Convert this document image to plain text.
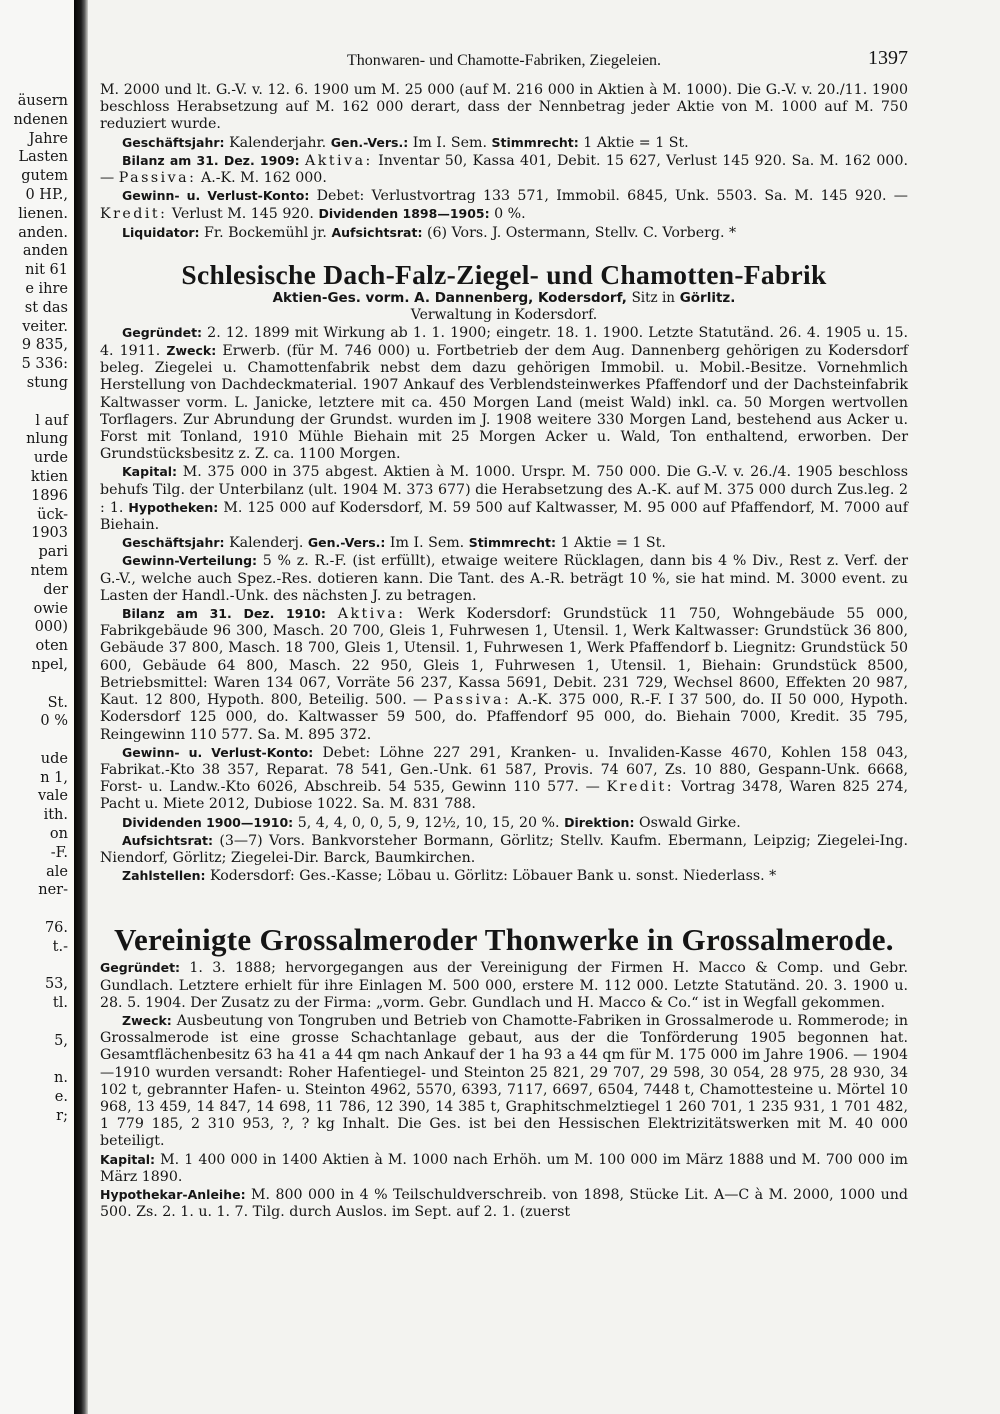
äusern
ndenen
Jahre
Lasten
gutem
0 HP.,
lienen.
anden.
anden
nit 61
e ihre
st das
veiter.
9 835,
5 336:
stung

l auf
nlung
urde
ktien
1896
ück-
1903
pari
ntem
der
owie
000)
oten
npel,

St.
0 %

ude
n 1,
vale
ith.
on
-F.
ale
ner-

76.
t.-

53,
tl.

5,

n.
e.
r;
Thonwaren- und Chamotte-Fabriken, Ziegeleien.	1397

M. 2000 und lt. G.-V. v. 12. 6. 1900 um M. 25 000 (auf M. 216 000 in Aktien à M. 1000). Die G.-V. v. 20./11. 1900 beschloss Herabsetzung auf M. 162 000 derart, dass der Nennbetrag jeder Aktie von M. 1000 auf M. 750 reduziert wurde.

Geschäftsjahr: Kalenderjahr. Gen.-Vers.: Im I. Sem. Stimmrecht: 1 Aktie = 1 St.

Bilanz am 31. Dez. 1909: Aktiva: Inventar 50, Kassa 401, Debit. 15 627, Verlust 145 920. Sa. M. 162 000. — Passiva: A.-K. M. 162 000.

Gewinn- u. Verlust-Konto: Debet: Verlustvortrag 133 571, Immobil. 6845, Unk. 5503. Sa. M. 145 920. — Kredit: Verlust M. 145 920. Dividenden 1898—1905: 0 %.

Liquidator: Fr. Bockemühl jr. Aufsichtsrat: (6) Vors. J. Ostermann, Stellv. C. Vorberg. *

Schlesische Dach-Falz-Ziegel- und Chamotten-Fabrik
Aktien-Ges. vorm. A. Dannenberg, Kodersdorf, Sitz in Görlitz.
Verwaltung in Kodersdorf.

Gegründet: 2. 12. 1899 mit Wirkung ab 1. 1. 1900; eingetr. 18. 1. 1900. Letzte Statutänd. 26. 4. 1905 u. 15. 4. 1911. Zweck: Erwerb. (für M. 746 000) u. Fortbetrieb der dem Aug. Dannenberg gehörigen zu Kodersdorf beleg. Ziegelei u. Chamottenfabrik nebst dem dazu gehörigen Immobil. u. Mobil.-Besitze. Vornehmlich Herstellung von Dachdeckmaterial. 1907 Ankauf des Verblendsteinwerkes Pfaffendorf und der Dachsteinfabrik Kaltwasser vorm. L. Janicke, letztere mit ca. 450 Morgen Land (meist Wald) inkl. ca. 50 Morgen wertvollen Torflagers. Zur Abrundung der Grundst. wurden im J. 1908 weitere 330 Morgen Land, bestehend aus Acker u. Forst mit Tonland, 1910 Mühle Biehain mit 25 Morgen Acker u. Wald, Ton enthaltend, erworben. Der Grundstücksbesitz z. Z. ca. 1100 Morgen.

Kapital: M. 375 000 in 375 abgest. Aktien à M. 1000. Urspr. M. 750 000. Die G.-V. v. 26./4. 1905 beschloss behufs Tilg. der Unterbilanz (ult. 1904 M. 373 677) die Herabsetzung des A.-K. auf M. 375 000 durch Zus.leg. 2 : 1. Hypotheken: M. 125 000 auf Kodersdorf, M. 59 500 auf Kaltwasser, M. 95 000 auf Pfaffendorf, M. 7000 auf Biehain.

Geschäftsjahr: Kalenderj. Gen.-Vers.: Im I. Sem. Stimmrecht: 1 Aktie = 1 St.

Gewinn-Verteilung: 5 % z. R.-F. (ist erfüllt), etwaige weitere Rücklagen, dann bis 4 % Div., Rest z. Verf. der G.-V., welche auch Spez.-Res. dotieren kann. Die Tant. des A.-R. beträgt 10 %, sie hat mind. M. 3000 event. zu Lasten der Handl.-Unk. des nächsten J. zu betragen.

Bilanz am 31. Dez. 1910: Aktiva: Werk Kodersdorf: Grundstück 11 750, Wohngebäude 55 000, Fabrikgebäude 96 300, Masch. 20 700, Gleis 1, Fuhrwesen 1, Utensil. 1, Werk Kaltwasser: Grundstück 36 800, Gebäude 37 800, Masch. 18 700, Gleis 1, Utensil. 1, Fuhrwesen 1, Werk Pfaffendorf b. Liegnitz: Grundstück 50 600, Gebäude 64 800, Masch. 22 950, Gleis 1, Fuhrwesen 1, Utensil. 1, Biehain: Grundstück 8500, Betriebsmittel: Waren 134 067, Vorräte 56 237, Kassa 5691, Debit. 231 729, Wechsel 8600, Effekten 20 987, Kaut. 12 800, Hypoth. 800, Beteilig. 500. — Passiva: A.-K. 375 000, R.-F. I 37 500, do. II 50 000, Hypoth. Kodersdorf 125 000, do. Kaltwasser 59 500, do. Pfaffendorf 95 000, do. Biehain 7000, Kredit. 35 795, Reingewinn 110 577. Sa. M. 895 372.

Gewinn- u. Verlust-Konto: Debet: Löhne 227 291, Kranken- u. Invaliden-Kasse 4670, Kohlen 158 043, Fabrikat.-Kto 38 357, Reparat. 78 541, Gen.-Unk. 61 587, Provis. 74 607, Zs. 10 880, Gespann-Unk. 6668, Forst- u. Landw.-Kto 6026, Abschreib. 54 535, Gewinn 110 577. — Kredit: Vortrag 3478, Waren 825 274, Pacht u. Miete 2012, Dubiose 1022. Sa. M. 831 788.

Dividenden 1900—1910: 5, 4, 4, 0, 0, 5, 9, 12½, 10, 15, 20 %. Direktion: Oswald Girke.

Aufsichtsrat: (3—7) Vors. Bankvorsteher Bormann, Görlitz; Stellv. Kaufm. Ebermann, Leipzig; Ziegelei-Ing. Niendorf, Görlitz; Ziegelei-Dir. Barck, Baumkirchen.

Zahlstellen: Kodersdorf: Ges.-Kasse; Löbau u. Görlitz: Löbauer Bank u. sonst. Niederlass. *

Vereinigte Grossalmeroder Thonwerke in Grossalmerode.

Gegründet: 1. 3. 1888; hervorgegangen aus der Vereinigung der Firmen H. Macco & Comp. und Gebr. Gundlach. Letztere erhielt für ihre Einlagen M. 500 000, erstere M. 112 000. Letzte Statutänd. 20. 3. 1900 u. 28. 5. 1904. Der Zusatz zu der Firma: „vorm. Gebr. Gundlach und H. Macco & Co.“ ist in Wegfall gekommen.

Zweck: Ausbeutung von Tongruben und Betrieb von Chamotte-Fabriken in Grossalmerode u. Rommerode; in Grossalmerode ist eine grosse Schachtanlage gebaut, aus der die Tonförderung 1905 begonnen hat. Gesamtflächenbesitz 63 ha 41 a 44 qm nach Ankauf der 1 ha 93 a 44 qm für M. 175 000 im Jahre 1906. — 1904—1910 wurden versandt: Roher Hafentiegel- und Steinton 25 821, 29 707, 29 598, 30 054, 28 975, 28 930, 34 102 t, gebrannter Hafen- u. Steinton 4962, 5570, 6393, 7117, 6697, 6504, 7448 t, Chamottesteine u. Mörtel 10 968, 13 459, 14 847, 14 698, 11 786, 12 390, 14 385 t, Graphitschmelztiegel 1 260 701, 1 235 931, 1 701 482, 1 779 185, 2 310 953, ?, ? kg Inhalt. Die Ges. ist bei den Hessischen Elektrizitätswerken mit M. 40 000 beteiligt.

Kapital: M. 1 400 000 in 1400 Aktien à M. 1000 nach Erhöh. um M. 100 000 im März 1888 und M. 700 000 im März 1890.

Hypothekar-Anleihe: M. 800 000 in 4 % Teilschuldverschreib. von 1898, Stücke Lit. A—C à M. 2000, 1000 und 500. Zs. 2. 1. u. 1. 7. Tilg. durch Auslos. im Sept. auf 2. 1. (zuerst
